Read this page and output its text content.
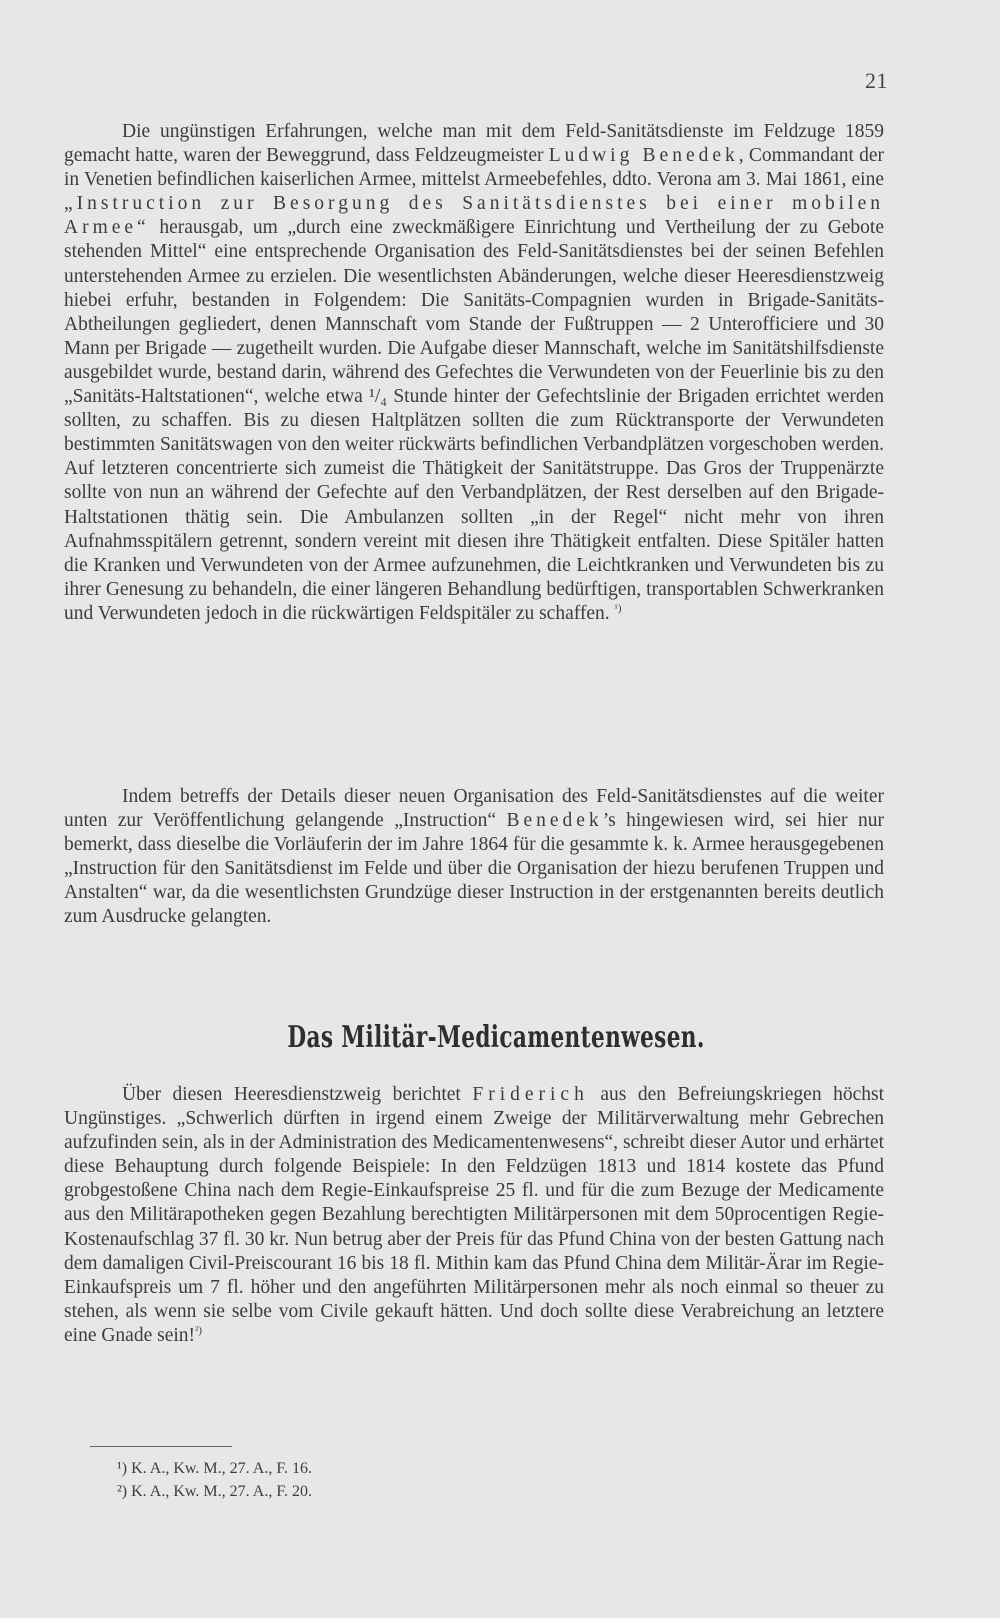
21

Die ungünstigen Erfahrungen, welche man mit dem Feld-Sanitätsdienste im Feldzuge 1859 gemacht hatte, waren der Beweggrund, dass Feldzeugmeister Ludwig Benedek, Commandant der in Venetien befindlichen kaiserlichen Armee, mittelst Armeebefehles, ddto. Verona am 3. Mai 1861, eine „Instruction zur Besorgung des Sanitätsdienstes bei einer mobilen Armee“ herausgab, um „durch eine zweckmäßigere Einrichtung und Vertheilung der zu Gebote stehenden Mittel“ eine entsprechende Organisation des Feld-Sanitätsdienstes bei der seinen Befehlen unterstehenden Armee zu erzielen. Die wesentlichsten Abänderungen, welche dieser Heeresdienstzweig hiebei erfuhr, bestanden in Folgendem: Die Sanitäts-Compagnien wurden in Brigade-Sanitäts-Abtheilungen gegliedert, denen Mannschaft vom Stande der Fußtruppen — 2 Unterofficiere und 30 Mann per Brigade — zugetheilt wurden. Die Aufgabe dieser Mannschaft, welche im Sanitätshilfsdienste ausgebildet wurde, bestand darin, während des Gefechtes die Verwundeten von der Feuerlinie bis zu den „Sanitäts-Haltstationen“, welche etwa ¹/₄ Stunde hinter der Gefechtslinie der Brigaden errichtet werden sollten, zu schaffen. Bis zu diesen Haltplätzen sollten die zum Rücktransporte der Verwundeten bestimmten Sanitätswagen von den weiter rückwärts befindlichen Verbandplätzen vorgeschoben werden. Auf letzteren concentrierte sich zumeist die Thätigkeit der Sanitätstruppe. Das Gros der Truppenärzte sollte von nun an während der Gefechte auf den Verbandplätzen, der Rest derselben auf den Brigade-Haltstationen thätig sein. Die Ambulanzen sollten „in der Regel“ nicht mehr von ihren Aufnahmsspitälern getrennt, sondern vereint mit diesen ihre Thätigkeit entfalten. Diese Spitäler hatten die Kranken und Verwundeten von der Armee aufzunehmen, die Leichtkranken und Verwundeten bis zu ihrer Genesung zu behandeln, die einer längeren Behandlung bedürftigen, transportablen Schwerkranken und Verwundeten jedoch in die rückwärtigen Feldspitäler zu schaffen. $^{^1)}$

Indem betreffs der Details dieser neuen Organisation des Feld-Sanitätsdienstes auf die weiter unten zur Veröffentlichung gelangende „Instruction“ Benedek’s hingewiesen wird, sei hier nur bemerkt, dass dieselbe die Vorläuferin der im Jahre 1864 für die gesammte k. k. Armee herausgegebenen „Instruction für den Sanitätsdienst im Felde und über die Organisation der hiezu berufenen Truppen und Anstalten“ war, da die wesentlichsten Grundzüge dieser Instruction in der erstgenannten bereits deutlich zum Ausdrucke gelangten.

Das Militär-Medicamentenwesen.

Über diesen Heeresdienstzweig berichtet Friderich aus den Befreiungskriegen höchst Ungünstiges. „Schwerlich dürften in irgend einem Zweige der Militärverwaltung mehr Gebrechen aufzufinden sein, als in der Administration des Medicamentenwesens“, schreibt dieser Autor und erhärtet diese Behauptung durch folgende Beispiele: In den Feldzügen 1813 und 1814 kostete das Pfund grobgestoßene China nach dem Regie-Einkaufspreise 25 fl. und für die zum Bezuge der Medicamente aus den Militärapotheken gegen Bezahlung berechtigten Militärpersonen mit dem 50procentigen Regie-Kostenaufschlag 37 fl. 30 kr. Nun betrug aber der Preis für das Pfund China von der besten Gattung nach dem damaligen Civil-Preiscourant 16 bis 18 fl. Mithin kam das Pfund China dem Militär-Ärar im Regie-Einkaufspreis um 7 fl. höher und den angeführten Militärpersonen mehr als noch einmal so theuer zu stehen, als wenn sie selbe vom Civile gekauft hätten. Und doch sollte diese Verabreichung an letztere eine Gnade sein!$^{^2)}$

¹) K. A., Kw. M., 27. A., F. 16.

²) K. A., Kw. M., 27. A., F. 20.
